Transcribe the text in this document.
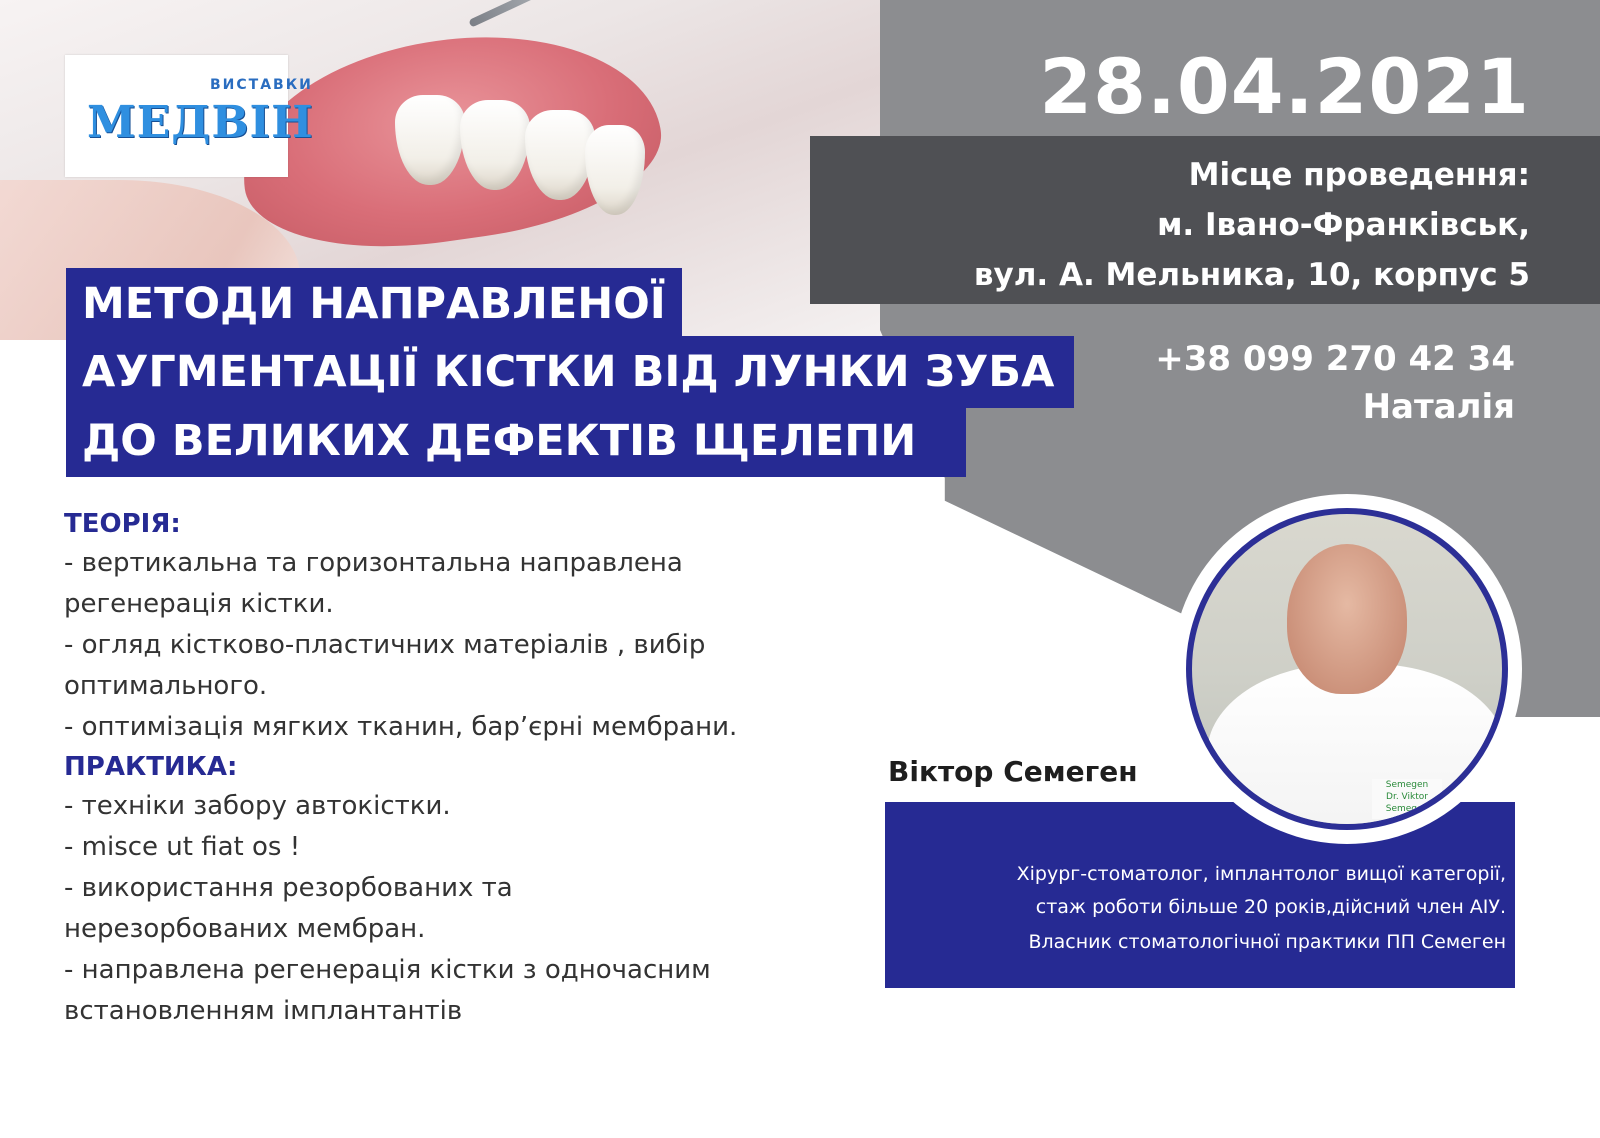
ВИСТАВКИ
МЕДВІН	28.04.2021
Місце проведення:
м. Івано-Франківськ,
вул. А. Мельника, 10, корпус 5
+38 099 270 42 34
Наталія
МЕТОДИ НАПРАВЛЕНОЇ
АУГМЕНТАЦІЇ КІСТКИ ВІД ЛУНКИ ЗУБА
ДО ВЕЛИКИХ ДЕФЕКТІВ ЩЕЛЕПИ
ТЕОРІЯ:
- вертикальна та горизонтальна направлена
регенерація кістки.
- огляд кістково-пластичних матеріалів , вибір
оптимального.
- оптимізація мягких тканин, бар’єрні мембрани.
ПРАКТИКА:
- техніки забору автокістки.
- misce ut fiat os !
- використання резорбованих та
нерезорбованих мембран.
- направлена регенерація кістки з одночасним
встановленням імплантантів
Semegen
Dr. Viktor Semegen
Віктор Семеген
Хірург-стоматолог, імплантолог вищої категорії,
стаж роботи більше 20 років,дійсний член АІУ.
Власник стоматологічної практики ПП Семеген
